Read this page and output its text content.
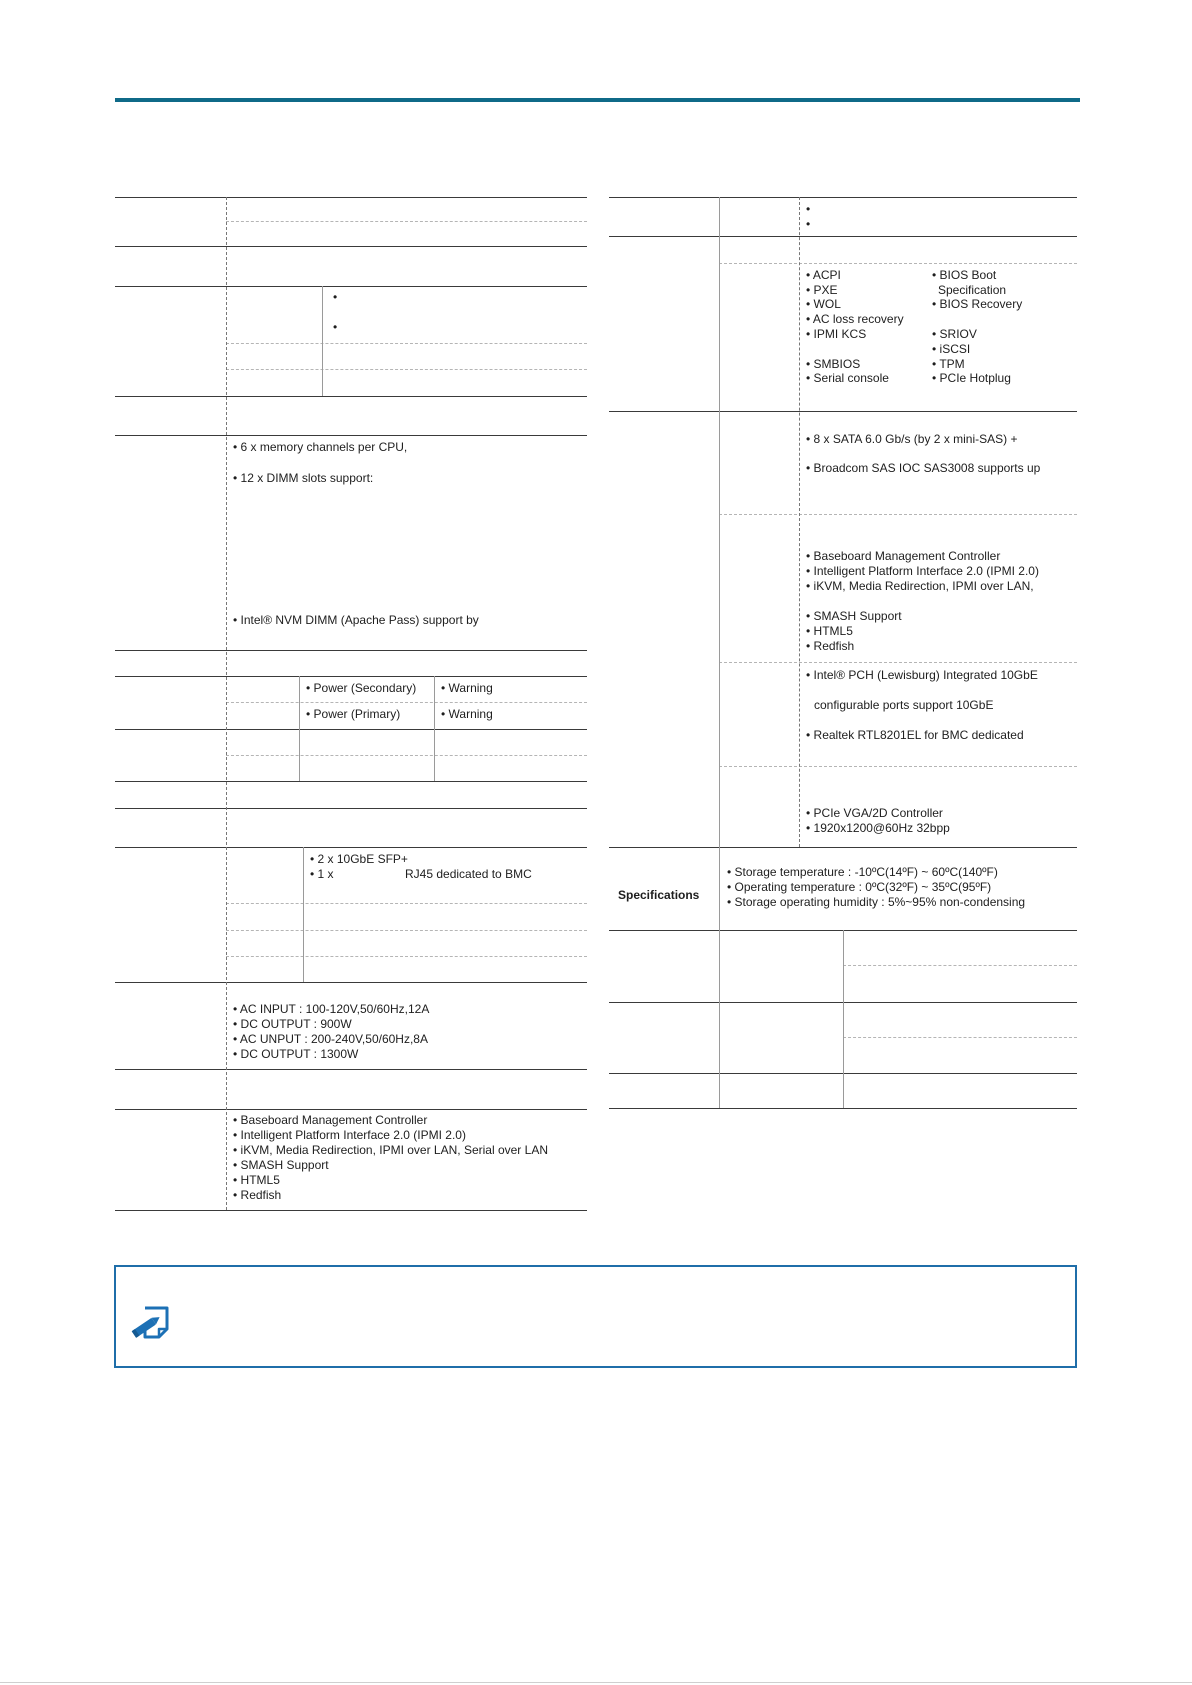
•
•
• 6 x memory channels per CPU,
• 12 x DIMM slots support:
• Intel® NVM DIMM (Apache Pass) support by
• Power (Secondary) • Warning
• Power (Primary)	• Warning
• 2 x 10GbE SFP+
• 1 x	RJ45 dedicated to BMC
• AC INPUT : 100-120V,50/60Hz,12A
• DC OUTPUT : 900W
• AC UNPUT : 200-240V,50/60Hz,8A
• DC OUTPUT : 1300W
• Baseboard Management Controller
• Intelligent Platform Interface 2.0 (IPMI 2.0)
• iKVM, Media Redirection, IPMI over LAN, Serial over LAN
• SMASH Support
• HTML5
• Redfish
•
•
• ACPI
• PXE
• WOL
• AC loss recovery
• IPMI KCS
• SMBIOS
• Serial console
• BIOS Boot
Specification
• BIOS Recovery
• SRIOV
• iSCSI
• TPM
• PCIe Hotplug
• 8 x SATA 6.0 Gb/s (by 2 x mini-SAS) +
• Broadcom SAS IOC SAS3008 supports up
• Baseboard Management Controller
• Intelligent Platform Interface 2.0 (IPMI 2.0)
• iKVM, Media Redirection, IPMI over LAN,
• SMASH Support
• HTML5
• Redfish
• Intel® PCH (Lewisburg) Integrated 10GbE
configurable ports support 10GbE
• Realtek RTL8201EL for BMC dedicated
• PCIe VGA/2D Controller
• 1920x1200@60Hz 32bpp
Specifications
• Storage temperature : -10ºC(14ºF) ~ 60ºC(140ºF)
• Operating temperature : 0ºC(32ºF) ~ 35ºC(95ºF)
• Storage operating humidity : 5%~95% non-condensing
